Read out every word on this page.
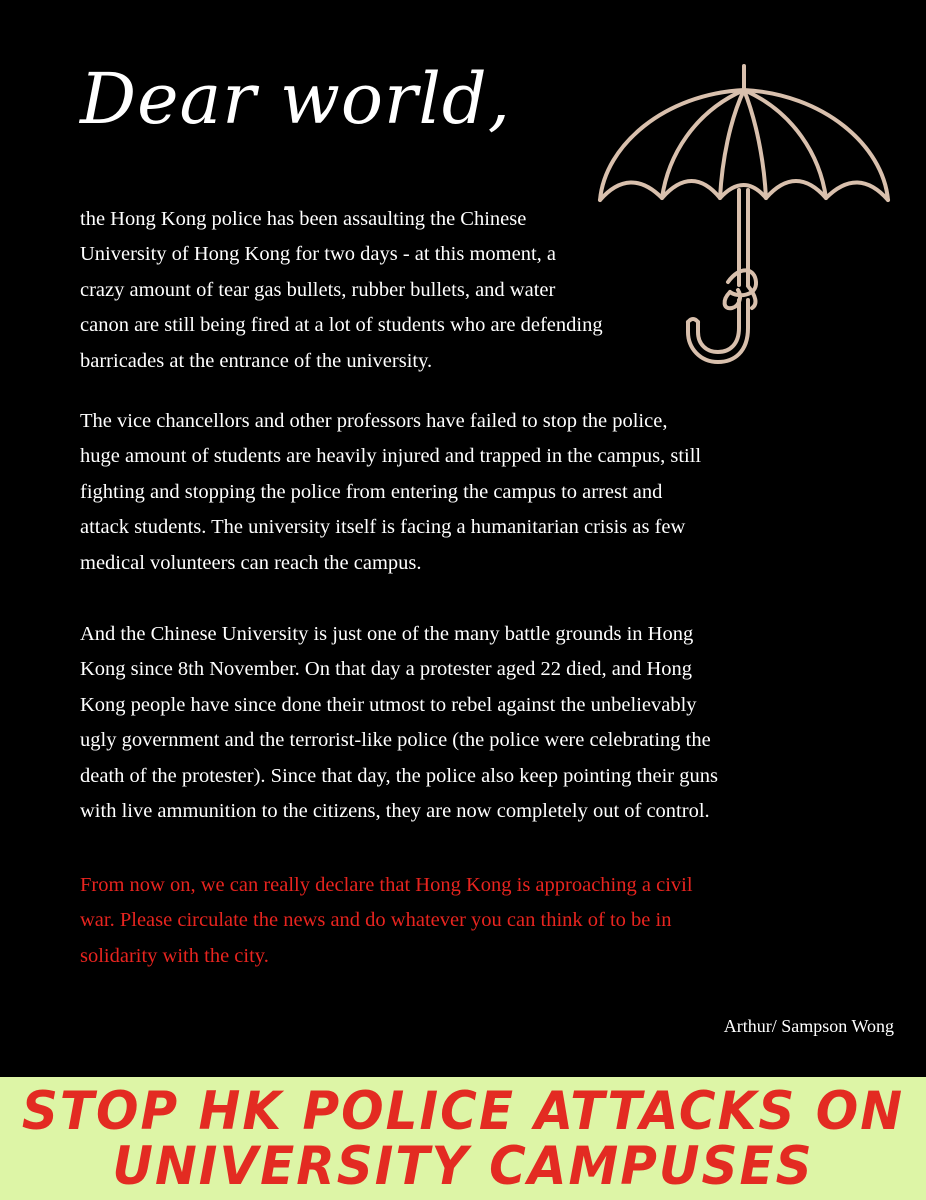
Dear world,

the Hong Kong police has been assaulting the Chinese
University of Hong Kong for two days - at this moment, a
crazy amount of tear gas bullets, rubber bullets, and water
canon are still being fired at a lot of students who are defending
barricades at the entrance of the university.

The vice chancellors and other professors have failed to stop the police,
huge amount of students are heavily injured and trapped in the campus, still
fighting and stopping the police from entering the campus to arrest and
attack students. The university itself is facing a humanitarian crisis as few
medical volunteers can reach the campus.

And the Chinese University is just one of the many battle grounds in Hong
Kong since 8th November. On that day a protester aged 22 died, and Hong
Kong people have since done their utmost to rebel against the unbelievably
ugly government and the terrorist-like police (the police were celebrating the
death of the protester). Since that day, the police also keep pointing their guns
with live ammunition to the citizens, they are now completely out of control.

From now on, we can really declare that Hong Kong is approaching a civil
war. Please circulate the news and do whatever you can think of to be in
solidarity with the city.

Arthur/ Sampson Wong

STOP HK POLICE ATTACKS ON
UNIVERSITY CAMPUSES
